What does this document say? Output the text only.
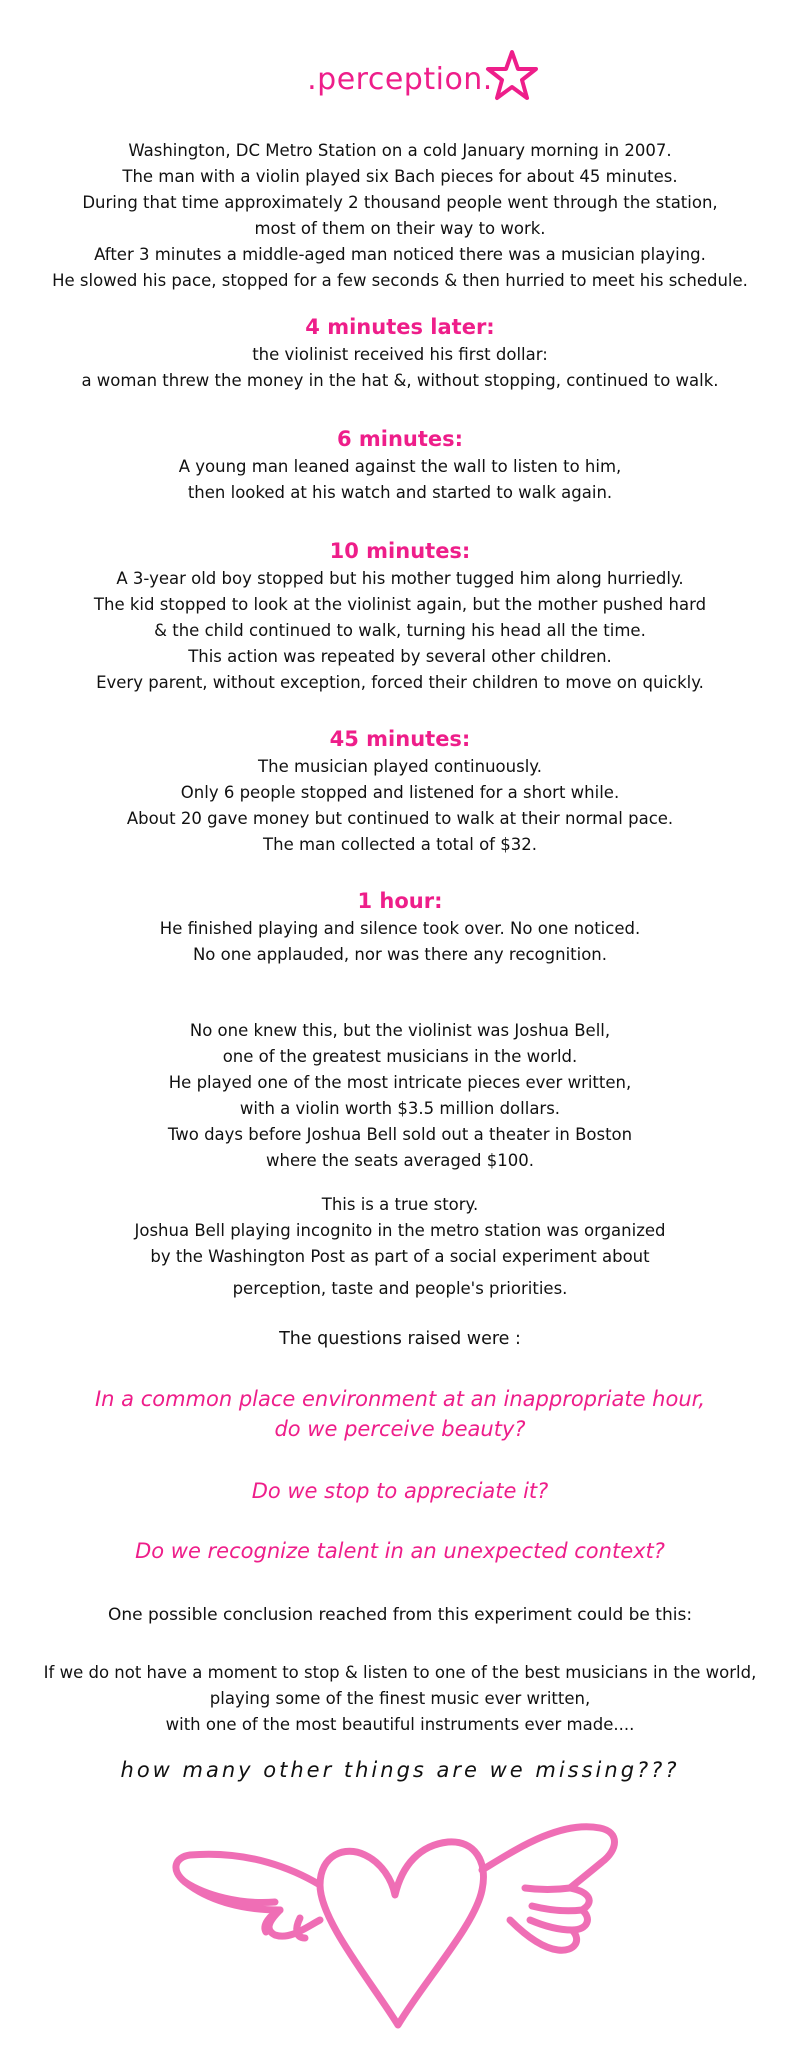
.perception.

Washington, DC Metro Station on a cold January morning in 2007.
The man with a violin played six Bach pieces for about 45 minutes.
During that time approximately 2 thousand people went through the station,
most of them on their way to work.
After 3 minutes a middle-aged man noticed there was a musician playing.
He slowed his pace, stopped for a few seconds & then hurried to meet his schedule.

4 minutes later:

the violinist received his first dollar:
a woman threw the money in the hat &, without stopping, continued to walk.

6 minutes:

A young man leaned against the wall to listen to him,
then looked at his watch and started to walk again.

10 minutes:

A 3-year old boy stopped but his mother tugged him along hurriedly.
The kid stopped to look at the violinist again, but the mother pushed hard
& the child continued to walk, turning his head all the time.
This action was repeated by several other children.
Every parent, without exception, forced their children to move on quickly.

45 minutes:

The musician played continuously.
Only 6 people stopped and listened for a short while.
About 20 gave money but continued to walk at their normal pace.
The man collected a total of $32.

1 hour:

He finished playing and silence took over. No one noticed.
No one applauded, nor was there any recognition.

No one knew this, but the violinist was Joshua Bell,
one of the greatest musicians in the world.
He played one of the most intricate pieces ever written,
with a violin worth $3.5 million dollars.
Two days before Joshua Bell sold out a theater in Boston
where the seats averaged $100.

This is a true story.
Joshua Bell playing incognito in the metro station was organized
by the Washington Post as part of a social experiment about

perception, taste and people's priorities.

The questions raised were :

In a common place environment at an inappropriate hour,
do we perceive beauty?

Do we stop to appreciate it?

Do we recognize talent in an unexpected context?

One possible conclusion reached from this experiment could be this:

If we do not have a moment to stop & listen to one of the best musicians in the world,
playing some of the finest music ever written,
with one of the most beautiful instruments ever made....

how many other things are we missing???
